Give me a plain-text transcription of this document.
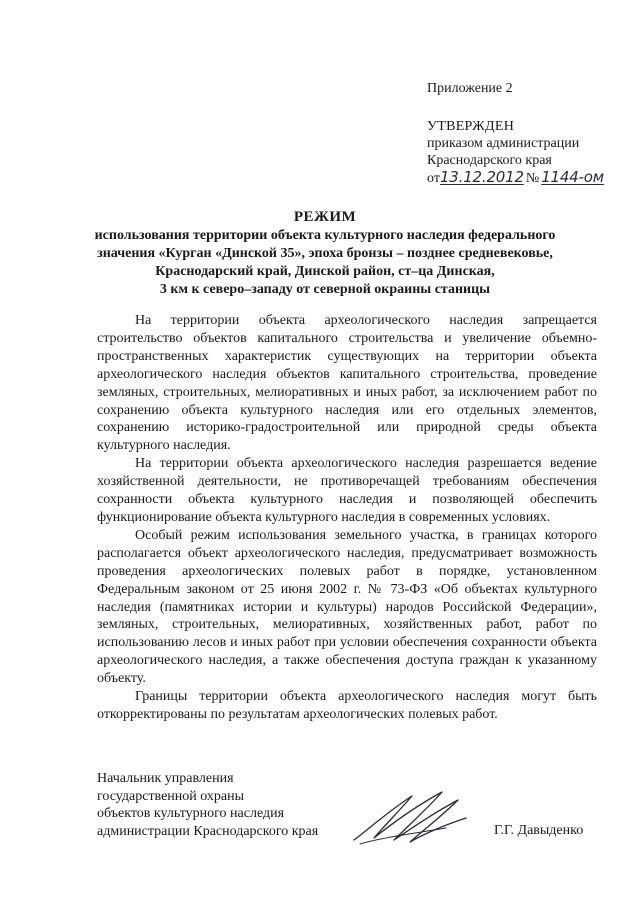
Приложение 2
УТВЕРЖДЕН
приказом администрации
Краснодарского края
от13.12.2012 № 1144-ом
РЕЖИМ
использования территории объекта культурного наследия федерального
значения «Курган «Динской 35», эпоха бронзы – позднее средневековье,
Краснодарский край, Динской район, ст–ца Динская,
3 км к северо–западу от северной окраины станицы

На территории объекта археологического наследия запрещается строительство объектов капитального строительства и увеличение объемно-пространственных характеристик существующих на территории объекта археологического наследия объектов капитального строительства, проведение земляных, строительных, мелиоративных и иных работ, за исключением работ по сохранению объекта культурного наследия или его отдельных элементов, сохранению историко-градостроительной или природной среды объекта культурного наследия.

На территории объекта археологического наследия разрешается ведение хозяйственной деятельности, не противоречащей требованиям обеспечения сохранности объекта культурного наследия и позволяющей обеспечить функционирование объекта культурного наследия в современных условиях.

Особый режим использования земельного участка, в границах которого располагается объект археологического наследия, предусматривает возможность проведения археологических полевых работ в порядке, установленном Федеральным законом от 25 июня 2002 г. № 73-ФЗ «Об объектах культурного наследия (памятниках истории и культуры) народов Российской Федерации», земляных, строительных, мелиоративных, хозяйственных работ, работ по использованию лесов и иных работ при условии обеспечения сохранности объекта археологического наследия, а также обеспечения доступа граждан к указанному объекту.

Границы территории объекта археологического наследия могут быть откорректированы по результатам археологических полевых работ.

Начальник управления
государственной охраны
объектов культурного наследия
администрации Краснодарского края	Г.Г. Давыденко
